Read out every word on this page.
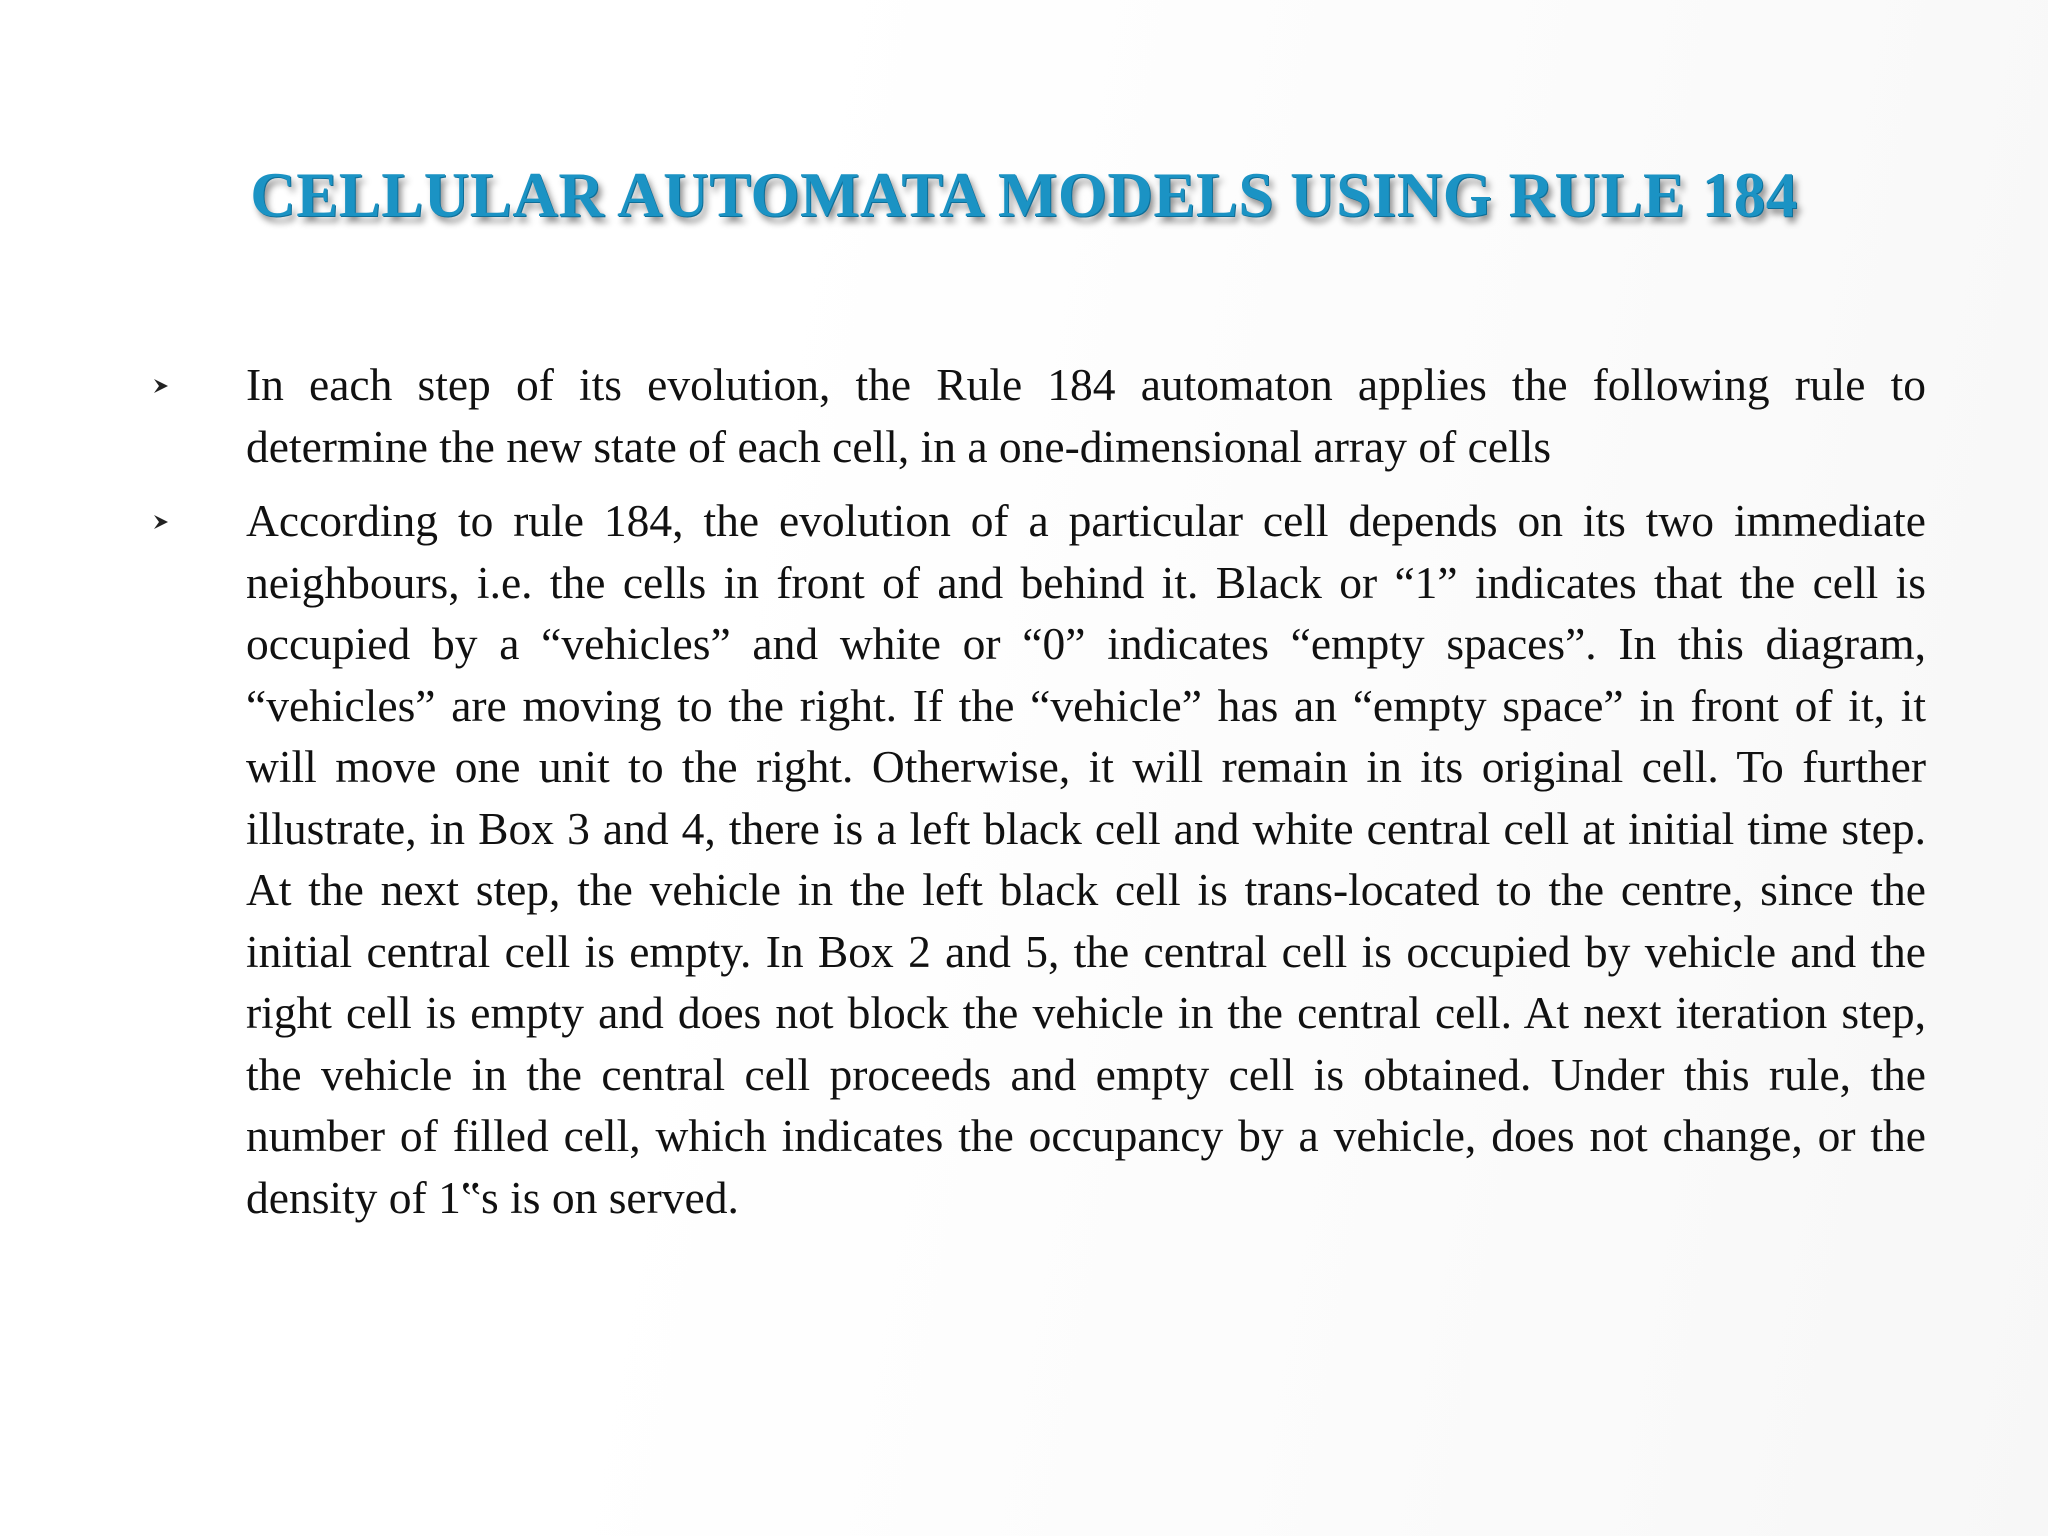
CELLULAR AUTOMATA MODELS USING RULE 184
In each step of its evolution, the Rule 184 automaton applies the following rule to determine the new state of each cell, in a one-dimensional array of cells
According to rule 184, the evolution of a particular cell depends on its two immediate neighbours, i.e. the cells in front of and behind it. Black or “1” indicates that the cell is occupied by a “vehicles” and white or “0” indicates “empty spaces”. In this diagram, “vehicles” are moving to the right. If the “vehicle” has an “empty space” in front of it, it will move one unit to the right. Otherwise, it will remain in its original cell. To further illustrate, in Box 3 and 4, there is a left black cell and white central cell at initial time step. At the next step, the vehicle in the left black cell is trans-located to the centre, since the initial central cell is empty. In Box 2 and 5, the central cell is occupied by vehicle and the right cell is empty and does not block the vehicle in the central cell. At next iteration step, the vehicle in the central cell proceeds and empty cell is obtained. Under this rule, the number of filled cell, which indicates the occupancy by a vehicle, does not change, or the density of 1‟s is on served.
